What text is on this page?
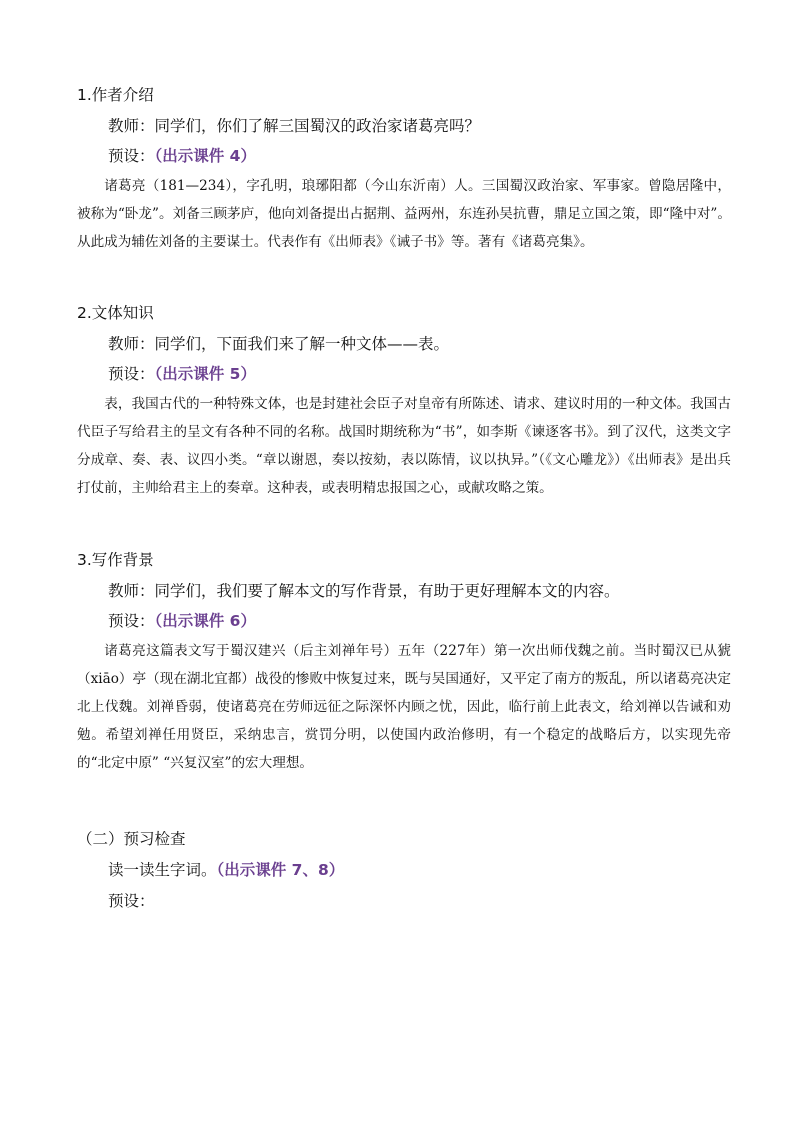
1.作者介绍
教师：同学们，你们了解三国蜀汉的政治家诸葛亮吗？
预设：（出示课件 4）

诸葛亮（181—234），字孔明，琅琊阳都（今山东沂南）人。三国蜀汉政治家、军事家。曾隐居隆中，被称为“卧龙”。刘备三顾茅庐，他向刘备提出占据荆、益两州，东连孙吴抗曹，鼎足立国之策，即“隆中对”。从此成为辅佐刘备的主要谋士。代表作有《出师表》《诫子书》等。著有《诸葛亮集》。

2.文体知识
教师：同学们，下面我们来了解一种文体——表。
预设：（出示课件 5）

表，我国古代的一种特殊文体，也是封建社会臣子对皇帝有所陈述、请求、建议时用的一种文体。我国古代臣子写给君主的呈文有各种不同的名称。战国时期统称为“书”，如李斯《谏逐客书》。到了汉代，这类文字分成章、奏、表、议四小类。“章以谢恩，奏以按劾，表以陈情，议以执异。”（《文心雕龙》）《出师表》是出兵打仗前，主帅给君主上的奏章。这种表，或表明精忠报国之心，或献攻略之策。

3.写作背景
教师：同学们，我们要了解本文的写作背景，有助于更好理解本文的内容。
预设：（出示课件 6）

诸葛亮这篇表文写于蜀汉建兴（后主刘禅年号）五年（227年）第一次出师伐魏之前。当时蜀汉已从猇（xiāo）亭（现在湖北宜都）战役的惨败中恢复过来，既与吴国通好，又平定了南方的叛乱，所以诸葛亮决定北上伐魏。刘禅昏弱，使诸葛亮在劳师远征之际深怀内顾之忧，因此，临行前上此表文，给刘禅以告诫和劝勉。希望刘禅任用贤臣，采纳忠言，赏罚分明，以使国内政治修明，有一个稳定的战略后方，以实现先帝的“北定中原” “兴复汉室”的宏大理想。

（二）预习检查
读一读生字词。（出示课件 7、8）
预设：
